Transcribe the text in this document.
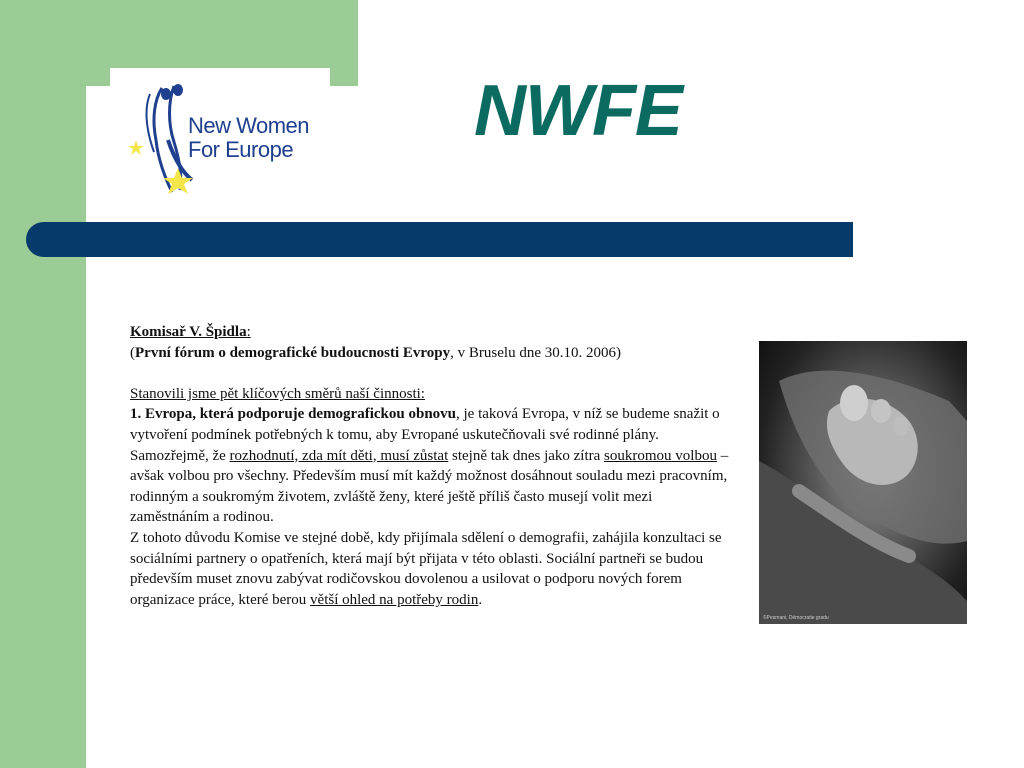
New Women
For Europe	NWFE

Komisař V. Špidla:

(První fórum o demografické budoucnosti Evropy, v Bruselu dne 30.10. 2006)

Stanovili jsme pět klíčových směrů naší činnosti:

1. Evropa, která podporuje demografickou obnovu, je taková Evropa, v níž se budeme snažit o vytvoření podmínek potřebných k tomu, aby Evropané uskutečňovali své rodinné plány. Samozřejmě, že rozhodnutí, zda mít děti, musí zůstat stejně tak dnes jako zítra soukromou volbou – avšak volbou pro všechny. Především musí mít každý možnost dosáhnout souladu mezi pracovním, rodinným a soukromým životem, zvláště ženy, které ještě příliš často musejí volit mezi zaměstnáním a rodinou.

Z tohoto důvodu Komise ve stejné době, kdy přijímala sdělení o demografii, zahájila konzultaci se sociálními partnery o opatřeních, která mají být přijata v této oblasti. Sociální partneři se budou především muset znovu zabývat rodičovskou dovolenou a usilovat o podporu nových forem organizace práce, které berou větší ohled na potřeby rodin.

©Pesmani, Démocratie gradu
